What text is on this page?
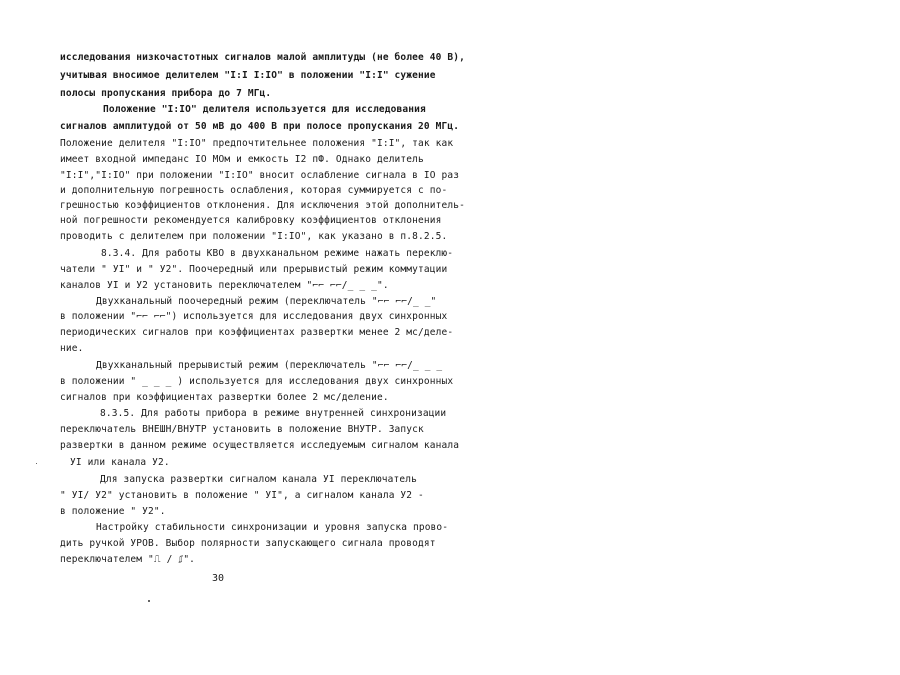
исследования низкочастотных сигналов малой амплитуды (не более 40 В),
учитывая вносимое делителем "I:I I:IO" в положении "I:I" сужение
полосы пропускания прибора до 7 МГц.
Положение "I:IO" делителя используется для исследования
сигналов амплитудой от 50 мВ до 400 В при полосе пропускания 20 МГц.
Положение делителя "I:IO" предпочтительнее положения "I:I", так как
имеет входной импеданс IO МОм и емкость I2 пФ. Однако делитель
"I:I","I:IO" при положении "I:IO" вносит ослабление сигнала в IO раз
и дополнительную погрешность ослабления, которая суммируется с по-
грешностью коэффициентов отклонения. Для исключения этой дополнитель-
ной погрешности рекомендуется калибровку коэффициентов отклонения
проводить с делителем при положении "I:IO", как указано в п.8.2.5.
8.3.4. Для работы КВО в двухканальном режиме нажать переклю-
чатели " УI" и " У2". Поочередный или прерывистый режим коммутации
каналов УI и У2 установить переключателем "⌐⌐ ⌐⌐/_ _ _".
Двухканальный поочередный режим (переключатель "⌐⌐ ⌐⌐/_ _"
в положении "⌐⌐ ⌐⌐") используется для исследования двух синхронных
периодических сигналов при коэффициентах развертки менее 2 мс/деле-
ние.
Двухканальный прерывистый режим (переключатель "⌐⌐ ⌐⌐/_ _ _
в положении " _ _ _ ) используется для исследования двух синхронных
сигналов при коэффициентах развертки более 2 мс/деление.
8.3.5. Для работы прибора в режиме внутренней синхронизации
переключатель ВНЕШН/ВНУТР установить в положение ВНУТР. Запуск
развертки в данном режиме осуществляется исследуемым сигналом канала
УI или канала У2.
Для запуска развертки сигналом канала УI переключатель
" УI/ У2" установить в положение " УI", а сигналом канала У2 -
в положение " У2".
Настройку стабильности синхронизации и уровня запуска прово-
дить ручкой УРОВ. Выбор полярности запускающего сигнала проводят
переключателем "⎍ / ⎎".
30
